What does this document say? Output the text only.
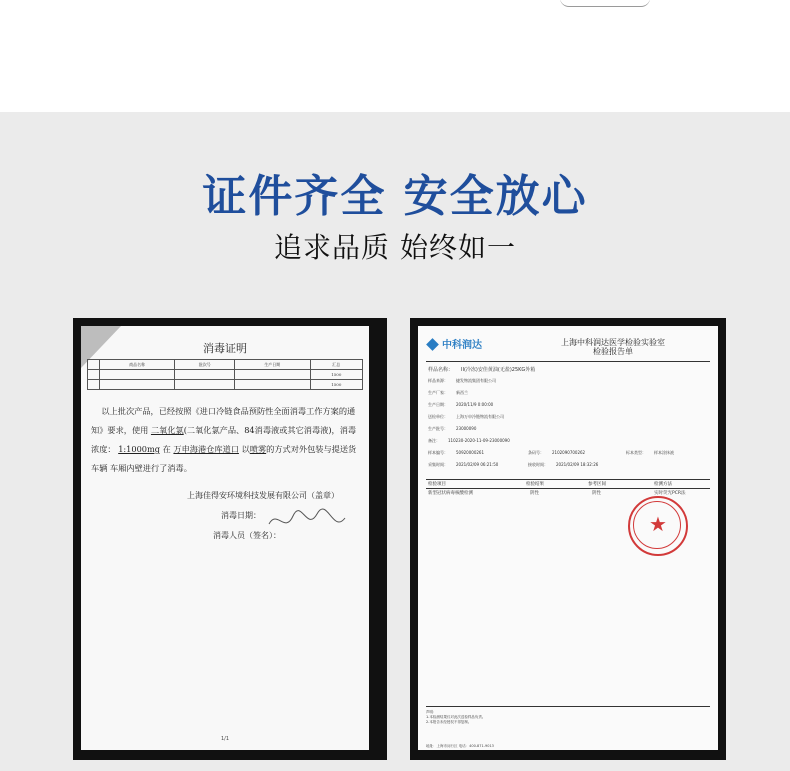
证件齐全 安全放心
追求品质 始终如一
消毒证明
	商品名称	批次号	生产日期	汇总
				1500
				1500

以上批次产品，已经按照《进口冷链食品预防性全面消毒工作方案的通知》要求，使用 二氧化氯(二氧化氯产品、84消毒液或其它消毒液)，消毒浓度： 1:1000mg 在 万申海港仓库道口 以喷雾的方式对外包装与提送货车辆 车厢内壁进行了消毒。

上海佳得安环境科技发展有限公司（盖章）
消毒日期：
消毒人员（签名）：
1/1
中科润达	上海中科润达医学检验实验室
检验报告单
样品名称： II(冷冻)安佳黄油(无盐)25KG外箱
样品来源： 捷发物流集团有限公司
生产厂家： 新西兰
生产日期： 2020/11/9 0:00:00
送检单位： 上海万申冷链物流有限公司
生产批号： 23000090
备注： 110230-2020-11-09-23000090
样本编号： 50920000261	条码号： 2102090700262	标本类型： 样本涂抹液
采集时间： 2021/02/09 06:21:50	接收时间： 2021/02/09 18:32:26
检验项目	检验结果	参考区间	检测方法
新型冠状病毒核酸检测	阴性	阴性	实时荧光PCR法
★
声明：
1.本检测结果仅对此次送检样品负责。
2.本报告未经授权不得复制。
地址：上海市闵行区 电话：400-871-9013
